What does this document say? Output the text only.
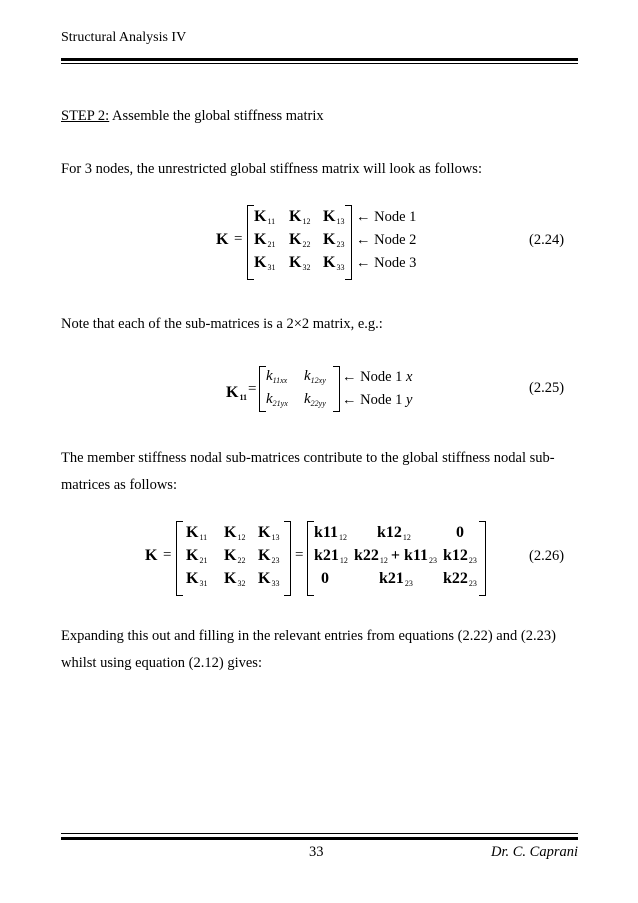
Structural Analysis IV
STEP 2: Assemble the global stiffness matrix
For 3 nodes, the unrestricted global stiffness matrix will look as follows:
K =
$K_{11}$ $K_{12}$ $K_{13}$
$K_{21}$ $K_{22}$ $K_{23}$
$K_{31}$ $K_{32}$ $K_{33}$
← Node 1
← Node 2
← Node 3
(2.24)
Note that each of the sub-matrices is a 2×2 matrix, e.g.:
$K_{11}$
=
$k_{11xx}$ $k_{12xy}$
$k_{21yx}$ $k_{22yy}$
← Node 1 x
← Node 1 y
(2.25)
The member stiffness nodal sub-matrices contribute to the global stiffness nodal sub-
matrices as follows:
K =
$K_{11}$ $K_{12}$ $K_{13}$
$K_{21}$ $K_{22}$ $K_{23}$
$K_{31}$ $K_{32}$ $K_{33}$
=
$k11_{12}$ $k12_{12}$	0
$k21_{12}$ $k22_{12} + k11_{23}$ $k12_{23}$
0	$k21_{23}$ $k22_{23}$
(2.26)
Expanding this out and filling in the relevant entries from equations (2.22) and (2.23)
whilst using equation (2.12) gives:
33	Dr. C. Caprani
